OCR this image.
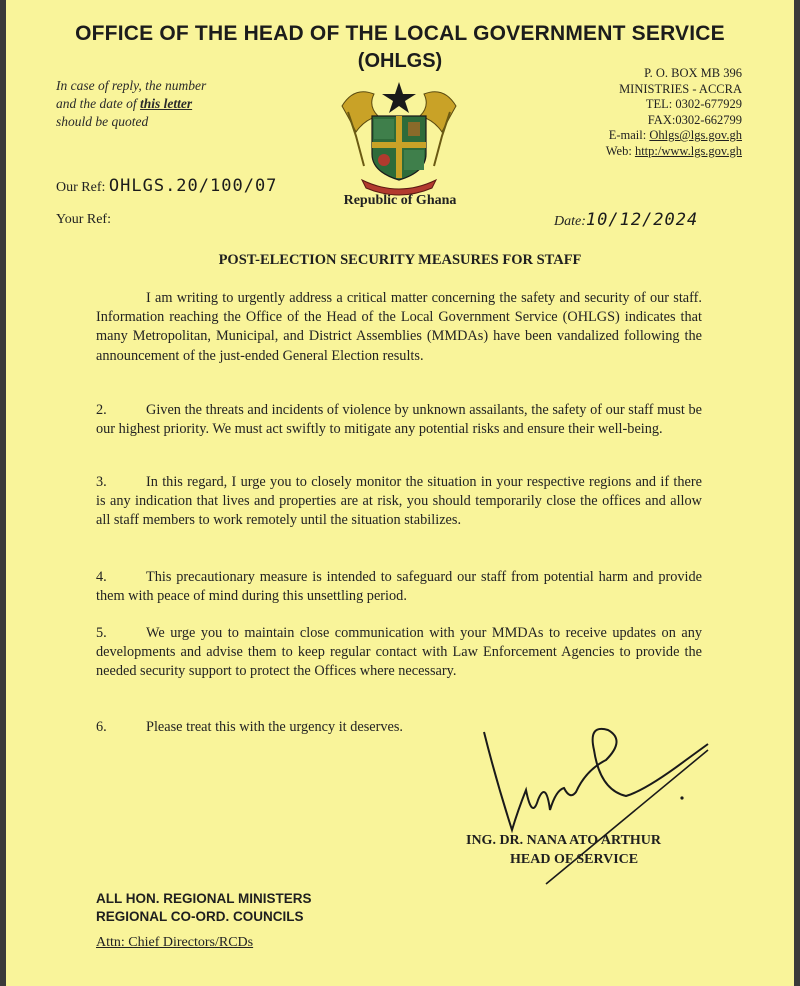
OFFICE OF THE HEAD OF THE LOCAL GOVERNMENT SERVICE
(OHLGS)
In case of reply, the number
and the date of this letter
should be quoted
P. O. BOX MB 396
MINISTRIES - ACCRA
TEL: 0302-677929
FAX:0302-662799
E-mail: Ohlgs@lgs.gov.gh
Web: http:/www.lgs.gov.gh
Republic of Ghana
Our Ref: OHLGS.20/100/07
Your Ref:	Date:10/12/2024
POST-ELECTION SECURITY MEASURES FOR STAFF
I am writing to urgently address a critical matter concerning the safety and security of our staff. Information reaching the Office of the Head of the Local Government Service (OHLGS) indicates that many Metropolitan, Municipal, and District Assemblies (MMDAs) have been vandalized following the announcement of the just-ended General Election results.
2.	Given the threats and incidents of violence by unknown assailants, the safety of our staff must be our highest priority. We must act swiftly to mitigate any potential risks and ensure their well-being.
3.	In this regard, I urge you to closely monitor the situation in your respective regions and if there is any indication that lives and properties are at risk, you should temporarily close the offices and allow all staff members to work remotely until the situation stabilizes.
4.	This precautionary measure is intended to safeguard our staff from potential harm and provide them with peace of mind during this unsettling period.
5.	We urge you to maintain close communication with your MMDAs to receive updates on any developments and advise them to keep regular contact with Law Enforcement Agencies to provide the needed security support to protect the Offices where necessary.
6.	Please treat this with the urgency it deserves.
ING. DR. NANA ATO ARTHUR
HEAD OF SERVICE
ALL HON. REGIONAL MINISTERS
REGIONAL CO-ORD. COUNCILS
Attn: Chief Directors/RCDs
